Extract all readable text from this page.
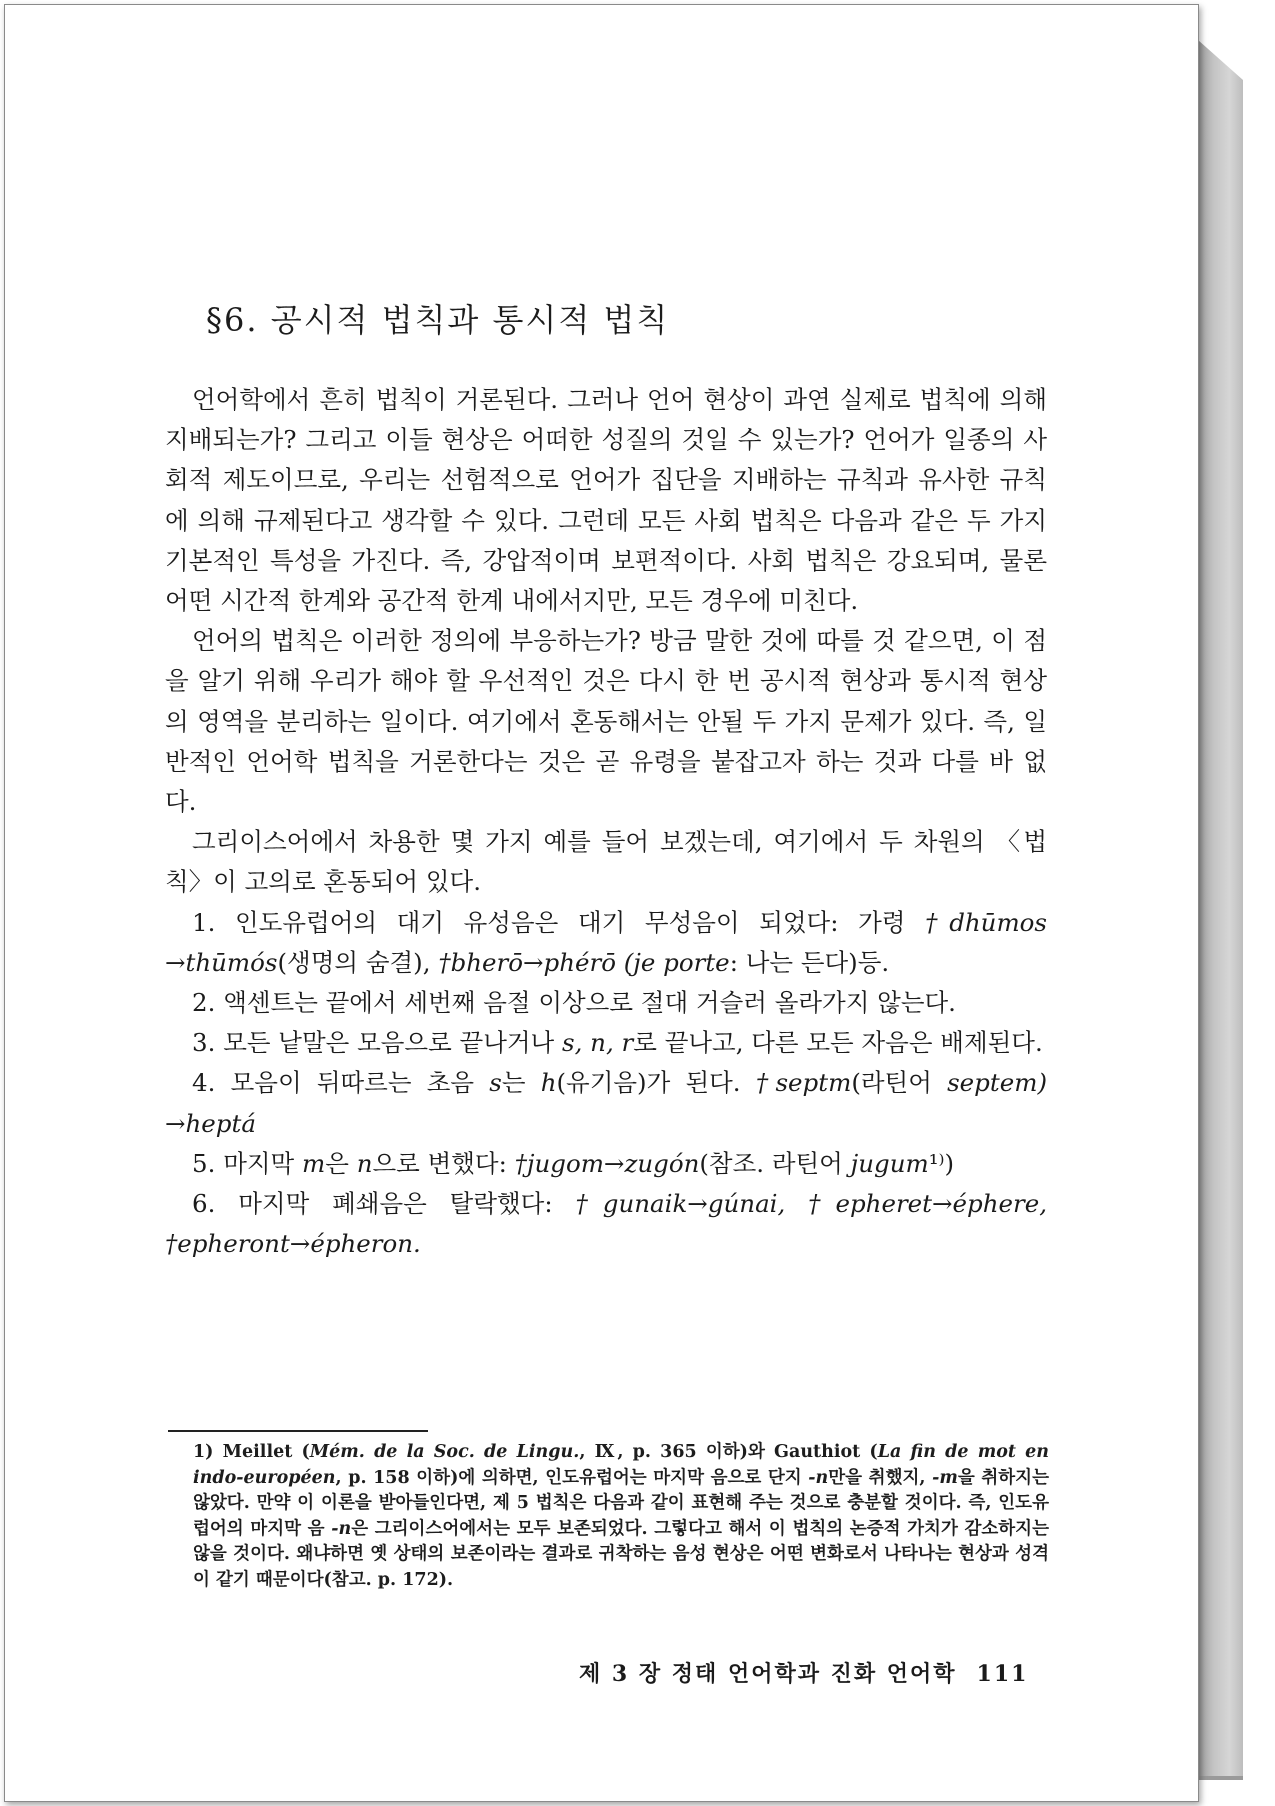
§6. 공시적 법칙과 통시적 법칙

언어학에서 흔히 법칙이 거론된다. 그러나 언어 현상이 과연 실제로 법칙에 의해 지배되는가? 그리고 이들 현상은 어떠한 성질의 것일 수 있는가? 언어가 일종의 사회적 제도이므로, 우리는 선험적으로 언어가 집단을 지배하는 규칙과 유사한 규칙에 의해 규제된다고 생각할 수 있다. 그런데 모든 사회 법칙은 다음과 같은 두 가지 기본적인 특성을 가진다. 즉, 강압적이며 보편적이다. 사회 법칙은 강요되며, 물론 어떤 시간적 한계와 공간적 한계 내에서지만, 모든 경우에 미친다.

언어의 법칙은 이러한 정의에 부응하는가? 방금 말한 것에 따를 것 같으면, 이 점을 알기 위해 우리가 해야 할 우선적인 것은 다시 한 번 공시적 현상과 통시적 현상의 영역을 분리하는 일이다. 여기에서 혼동해서는 안될 두 가지 문제가 있다. 즉, 일반적인 언어학 법칙을 거론한다는 것은 곧 유령을 붙잡고자 하는 것과 다를 바 없다.

그리이스어에서 차용한 몇 가지 예를 들어 보겠는데, 여기에서 두 차원의 〈법칙〉이 고의로 혼동되어 있다.

1. 인도유럽어의 대기 유성음은 대기 무성음이 되었다: 가령 †dhūmos →thūmós(생명의 숨결), †bherō→phérō (je porte: 나는 든다)등.

2. 액센트는 끝에서 세번째 음절 이상으로 절대 거슬러 올라가지 않는다.

3. 모든 낱말은 모음으로 끝나거나 s, n, r로 끝나고, 다른 모든 자음은 배제된다.

4. 모음이 뒤따르는 초음 s는 h(유기음)가 된다. †septm(라틴어 septem) →heptá

5. 마지막 m은 n으로 변했다: †jugom→zugón(참조. 라틴어 jugum¹⁾)

6. 마지막 폐쇄음은 탈락했다: †gunaik→gúnai, †epheret→éphere, †epheront→épheron.

1) Meillet (Mém. de la Soc. de Lingu., Ⅸ, p. 365 이하)와 Gauthiot (La fin de mot en indo-européen, p. 158 이하)에 의하면, 인도유럽어는 마지막 음으로 단지 -n만을 취했지, -m을 취하지는 않았다. 만약 이 이론을 받아들인다면, 제 5 법칙은 다음과 같이 표현해 주는 것으로 충분할 것이다. 즉, 인도유럽어의 마지막 음 -n은 그리이스어에서는 모두 보존되었다. 그렇다고 해서 이 법칙의 논증적 가치가 감소하지는 않을 것이다. 왜냐하면 옛 상태의 보존이라는 결과로 귀착하는 음성 현상은 어떤 변화로서 나타나는 현상과 성격이 같기 때문이다(참고. p. 172).
제 3 장 정태 언어학과 진화 언어학 111
